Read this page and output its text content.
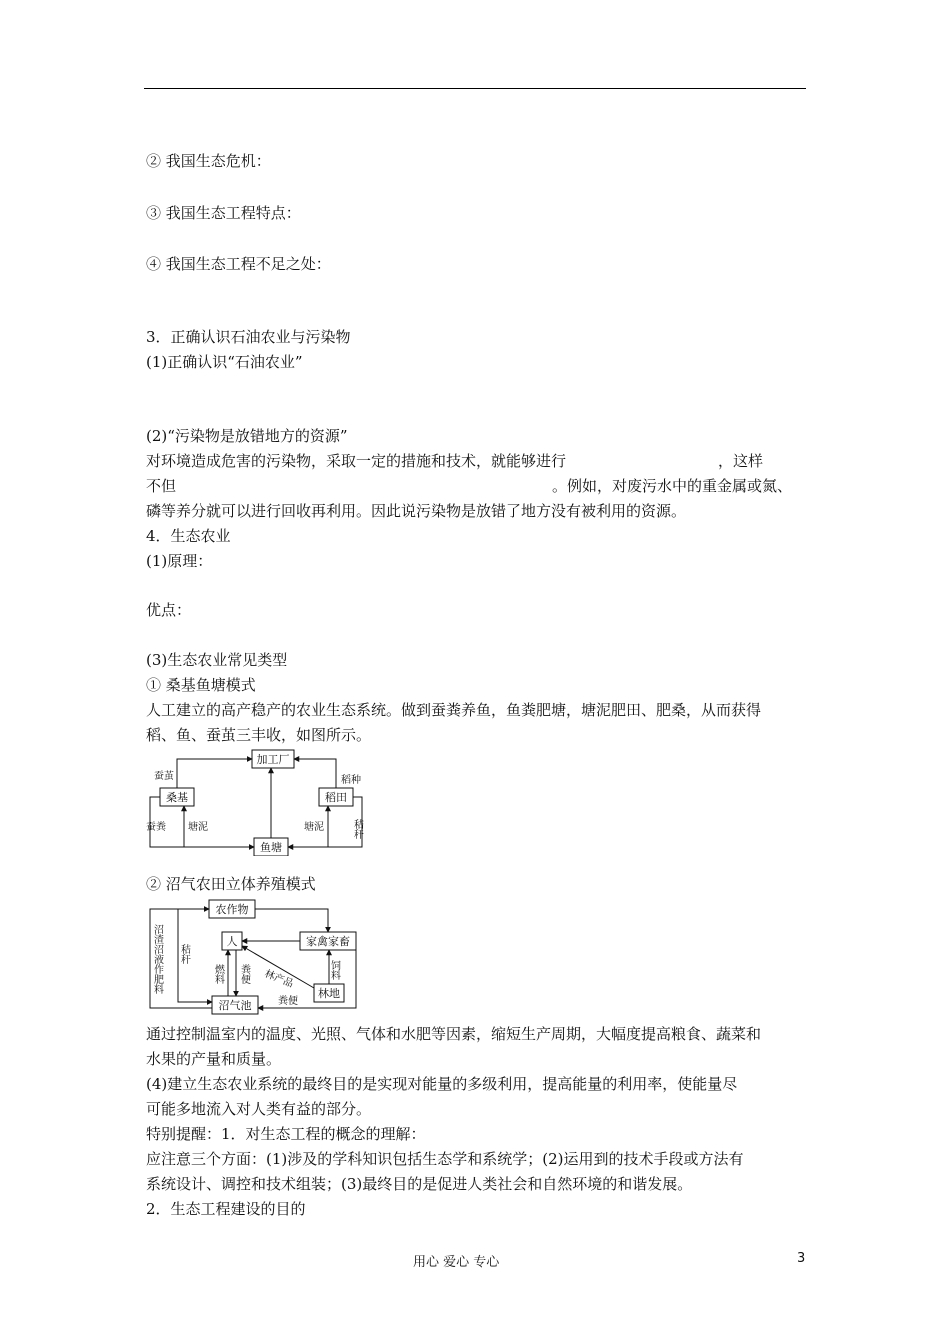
② 我国生态危机：
③ 我国生态工程特点：
④ 我国生态工程不足之处：
3．正确认识石油农业与污染物
(1)正确认识“石油农业”
(2)“污染物是放错地方的资源”
对环境造成危害的污染物，采取一定的措施和技术，就能够进行	，这样
不但	。例如，对废污水中的重金属或氮、
磷等养分就可以进行回收再利用。因此说污染物是放错了地方没有被利用的资源。
4．生态农业
(1)原理：
优点：
(3)生态农业常见类型
① 桑基鱼塘模式
人工建立的高产稳产的农业生态系统。做到蚕粪养鱼，鱼粪肥塘，塘泥肥田、肥桑，从而获得
稻、鱼、蚕茧三丰收，如图所示。
加工厂
桑基	稻田
鱼塘
蚕茧	稻种
蚕粪 塘泥	塘泥	秸秆
② 沼气农田立体养殖模式
农作物
人	家禽家畜
林地
沼气池
沼渣沼液作肥料 秸秆
燃料 粪便 林产品	饲料
粪便
通过控制温室内的温度、光照、气体和水肥等因素，缩短生产周期，大幅度提高粮食、蔬菜和
水果的产量和质量。
(4)建立生态农业系统的最终目的是实现对能量的多级利用，提高能量的利用率，使能量尽
可能多地流入对人类有益的部分。
特别提醒：1．对生态工程的概念的理解：
应注意三个方面：(1)涉及的学科知识包括生态学和系统学；(2)运用到的技术手段或方法有
系统设计、调控和技术组装；(3)最终目的是促进人类社会和自然环境的和谐发展。
2．生态工程建设的目的
用心 爱心 专心	3
